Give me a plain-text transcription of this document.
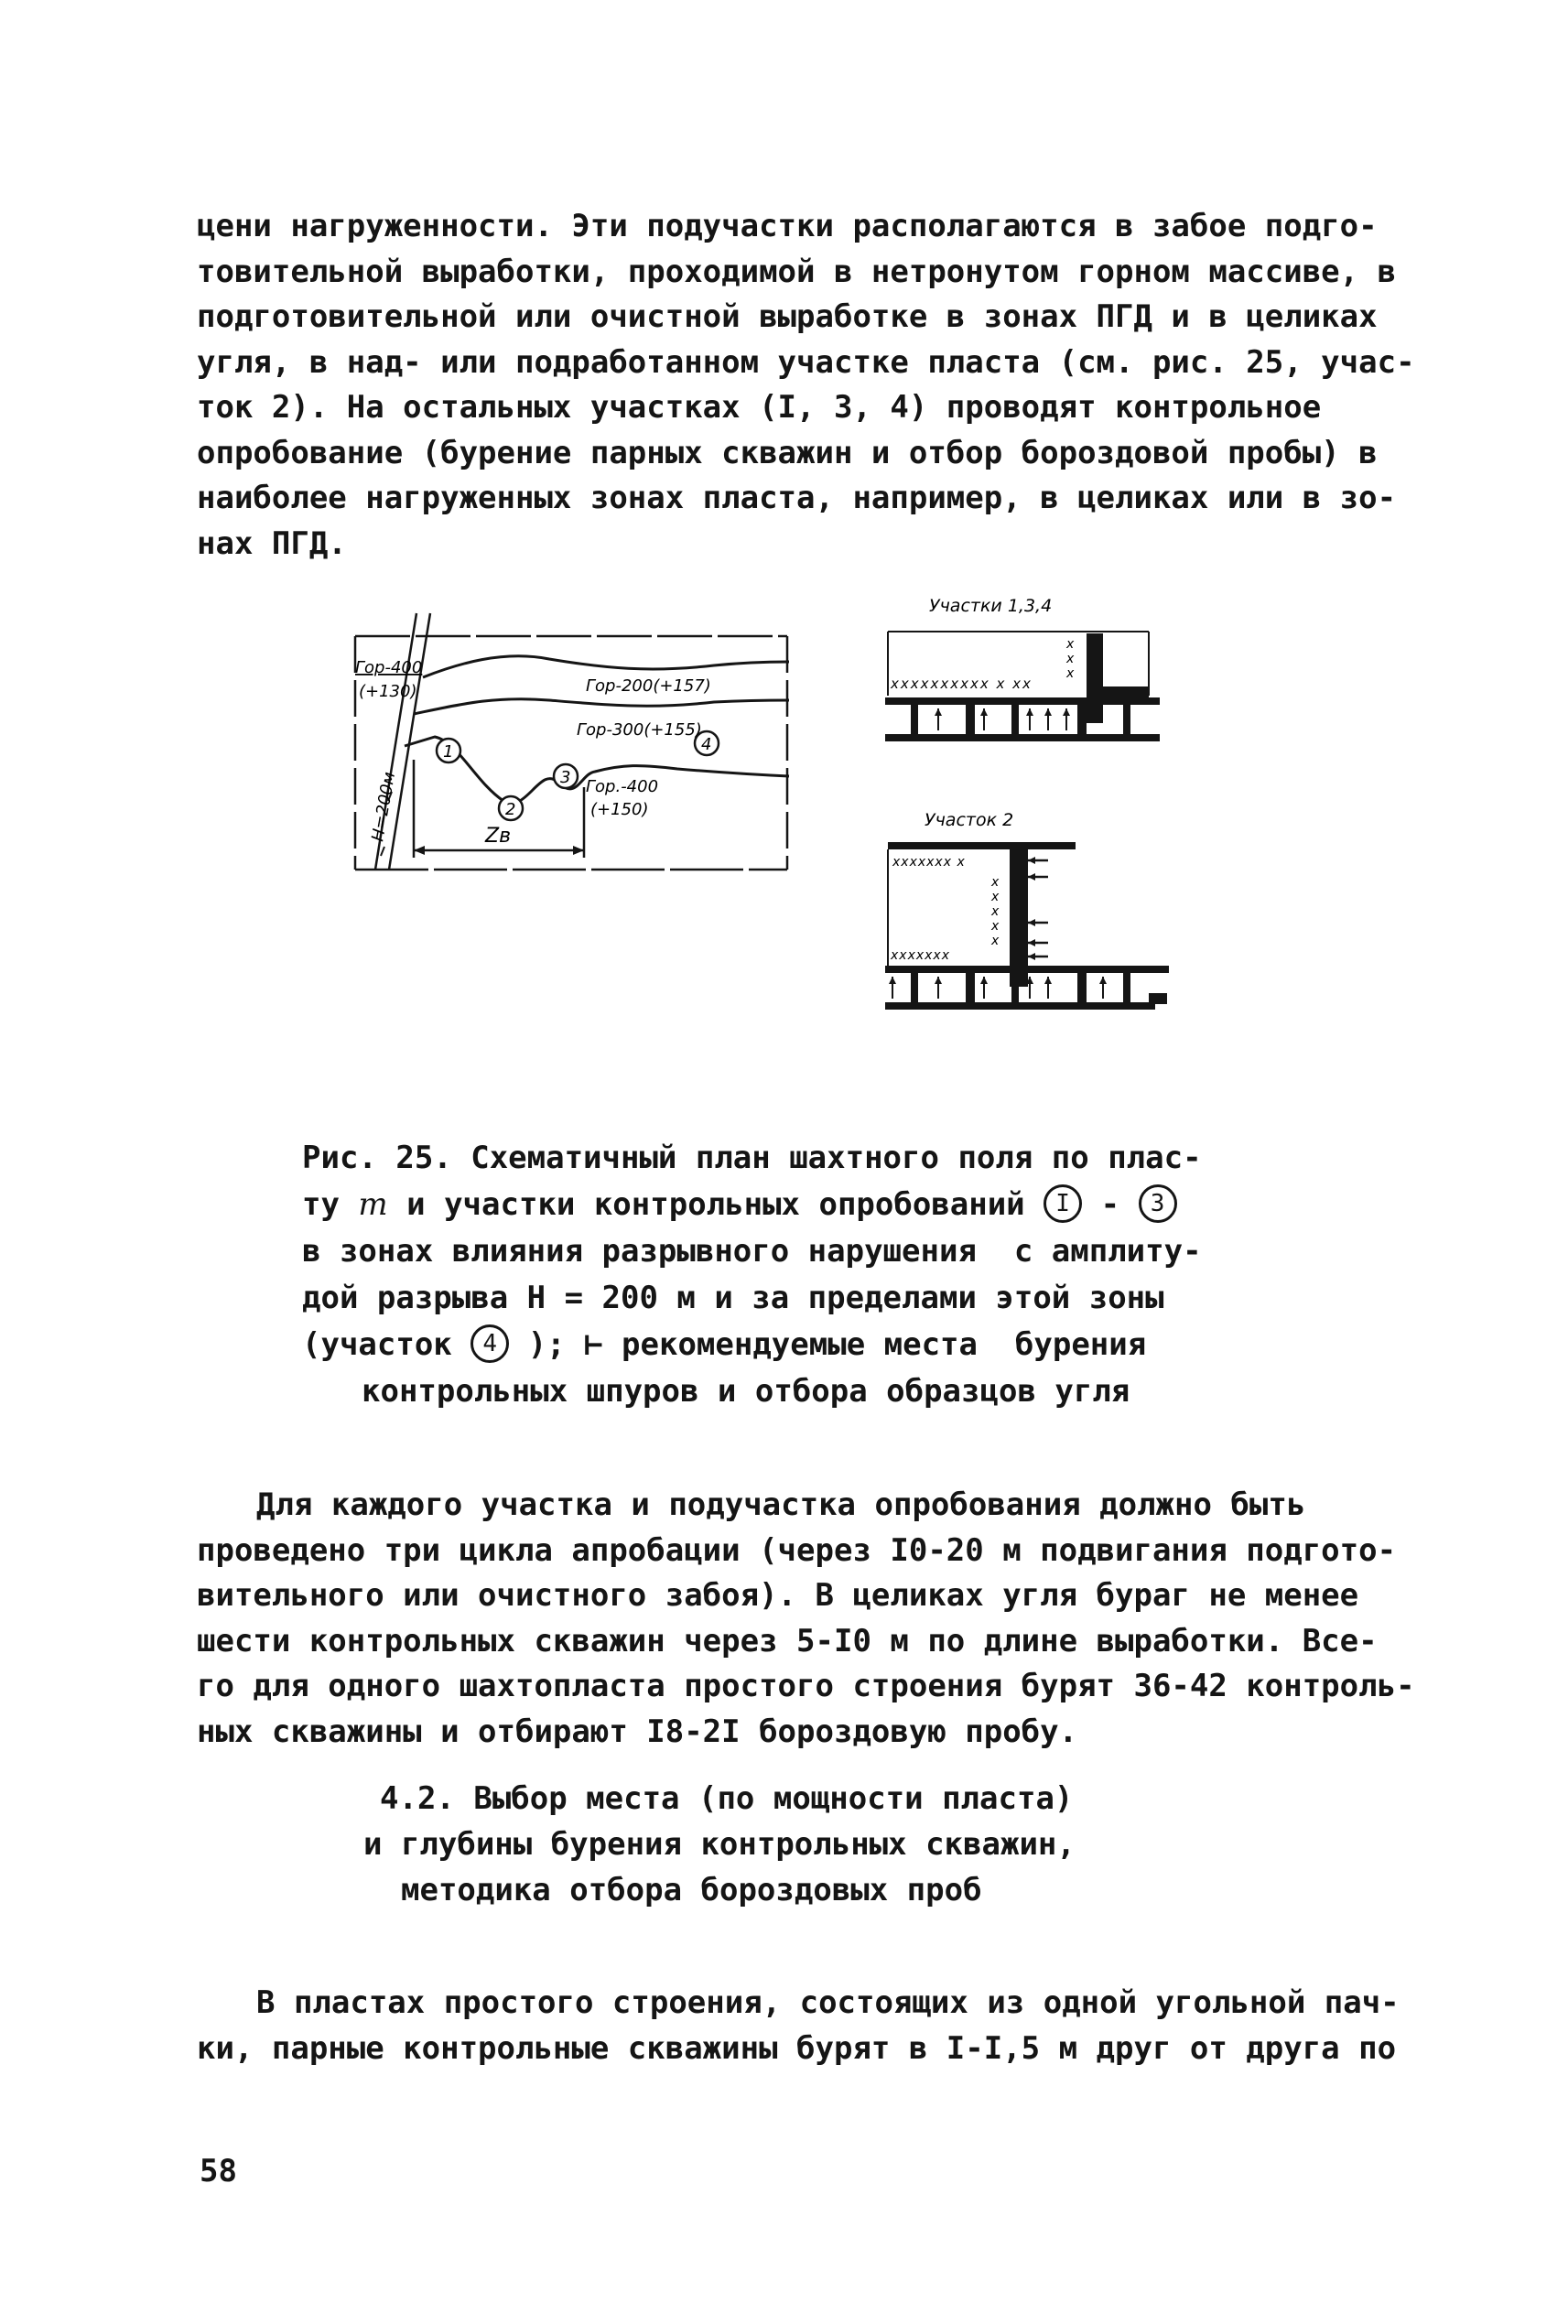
цени нагруженности. Эти подучастки располагаются в забое подго-
товительной выработки, проходимой в нетронутом горном массиве, в
подготовительной или очистной выработке в зонах ПГД и в целиках
угля, в над- или подработанном участке пласта (см. рис. 25, учас-
ток 2). На остальных участках (I, 3, 4) проводят контрольное
опробование (бурение парных скважин и отбор бороздовой пробы) в
наиболее нагруженных зонах пласта, например, в целиках или в зо-
нах ПГД.
1
2
3
4
Zв
Гор-400
(+130)
H=200м
Гор-200(+157)
Гор-300(+155)
Гор.-400
(+150)
Участки 1,3,4
xxxxxxxxxx x xx
x
x
x
Участок 2
xxxxxxx x
x
x
x
x
x
xxxxxxx
Рис. 25. Схематичный план шахтного поля по плас-
ту m и участки контрольных опробований I - 3
в зонах влияния разрывного нарушения  с амплиту-
дой разрыва H = 200 м и за пределами этой зоны
(участок 4 ); ⊢ рекомендуемые места  бурения
контрольных шпуров и отбора образцов угля
Для каждого участка и подучастка опробования должно быть
проведено три цикла апробации (через I0-20 м подвигания подгото-
вительного или очистного забоя). В целиках угля бураг не менее
шести контрольных скважин через 5-I0 м по длине выработки. Все-
го для одного шахтопласта простого строения бурят 36-42 контроль-
ных скважины и отбирают I8-2I бороздовую пробу.
4.2. Выбор места (по мощности пласта)
и глубины бурения контрольных скважин,
методика отбора бороздовых проб
В пластах простого строения, состоящих из одной угольной пач-
ки, парные контрольные скважины бурят в I-I,5 м друг от друга по
58
